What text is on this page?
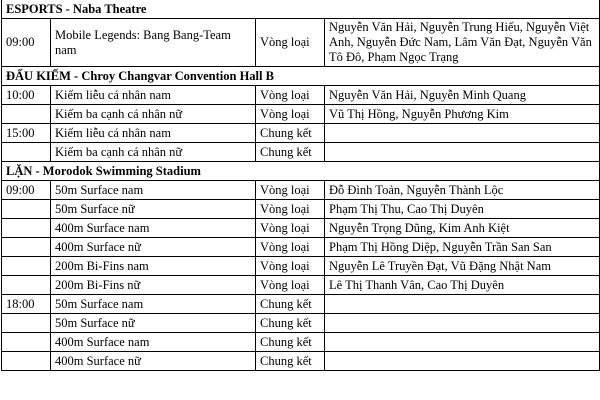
ESPORTS - Naba Theatre			
09:00	Mobile Legends: Bang Bang-Team nam	Vòng loại	Nguyễn Văn Hải, Nguyễn Trung Hiếu, Nguyễn Việt Anh, Nguyễn Đức Nam, Lâm Văn Đạt, Nguyễn Văn Tô Đô, Phạm Ngọc Trạng
ĐẤU KIẾM - Chroy Changvar Convention Hall B			
10:00	Kiếm liễu cá nhân nam	Vòng loại	Nguyễn Văn Hải, Nguyễn Minh Quang
	Kiếm ba cạnh cá nhân nữ	Vòng loại	Vũ Thị Hồng, Nguyễn Phương Kim
15:00	Kiếm liễu cá nhân nam	Chung kết	
	Kiếm ba cạnh cá nhân nữ	Chung kết	
LẶN - Morodok Swimming Stadium			
09:00	50m Surface nam	Vòng loại	Đỗ Đình Toản, Nguyễn Thành Lộc
	50m Surface nữ	Vòng loại	Phạm Thị Thu, Cao Thị Duyên
	400m Surface nam	Vòng loại	Nguyễn Trọng Dũng, Kim Anh Kiệt
	400m Surface nữ	Vòng loại	Phạm Thị Hồng Diệp, Nguyễn Trần San San
	200m Bi-Fins nam	Vòng loại	Nguyễn Lê Truyền Đạt, Vũ Đặng Nhật Nam
	200m Bi-Fins nữ	Vòng loại	Lê Thị Thanh Vân, Cao Thị Duyên
18:00	50m Surface nam	Chung kết	
	50m Surface nữ	Chung kết	
	400m Surface nam	Chung kết	
	400m Surface nữ	Chung kết	
